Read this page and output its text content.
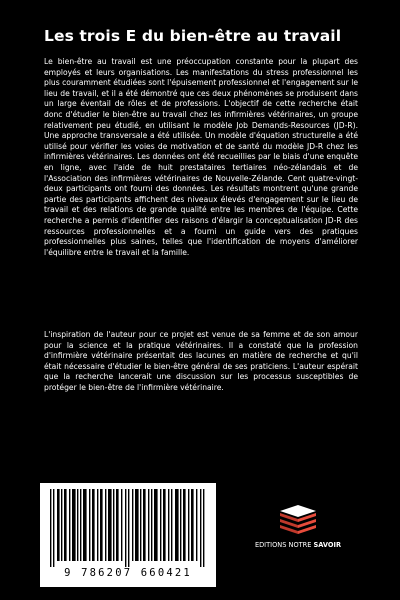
Les trois E du bien-être au travail
Le bien-être au travail est une préoccupation constante pour la plupart des employés et leurs organisations. Les manifestations du stress professionnel les plus couramment étudiées sont l'épuisement professionnel et l'engagement sur le lieu de travail, et il a été démontré que ces deux phénomènes se produisent dans un large éventail de rôles et de professions. L'objectif de cette recherche était donc d'étudier le bien-être au travail chez les infirmières vétérinaires, un groupe relativement peu étudié, en utilisant le modèle Job Demands-Resources (JD-R). Une approche transversale a été utilisée. Un modèle d'équation structurelle a été utilisé pour vérifier les voies de motivation et de santé du modèle JD-R chez les infirmières vétérinaires. Les données ont été recueillies par le biais d'une enquête en ligne, avec l'aide de huit prestataires tertiaires néo-zélandais et de l'Association des infirmières vétérinaires de Nouvelle-Zélande. Cent quatre-vingt-deux participants ont fourni des données. Les résultats montrent qu'une grande partie des participants affichent des niveaux élevés d'engagement sur le lieu de travail et des relations de grande qualité entre les membres de l'équipe. Cette recherche a permis d'identifier des raisons d'élargir la conceptualisation JD-R des ressources professionnelles et a fourni un guide vers des pratiques professionnelles plus saines, telles que l'identification de moyens d'améliorer l'équilibre entre le travail et la famille.
L'inspiration de l'auteur pour ce projet est venue de sa femme et de son amour pour la science et la pratique vétérinaires. Il a constaté que la profession d'infirmière vétérinaire présentait des lacunes en matière de recherche et qu'il était nécessaire d'étudier le bien-être général de ses praticiens. L'auteur espérait que la recherche lancerait une discussion sur les processus susceptibles de protéger le bien-être de l'infirmière vétérinaire.
9 786207 660421
EDITIONS NOTRE SAVOIR
